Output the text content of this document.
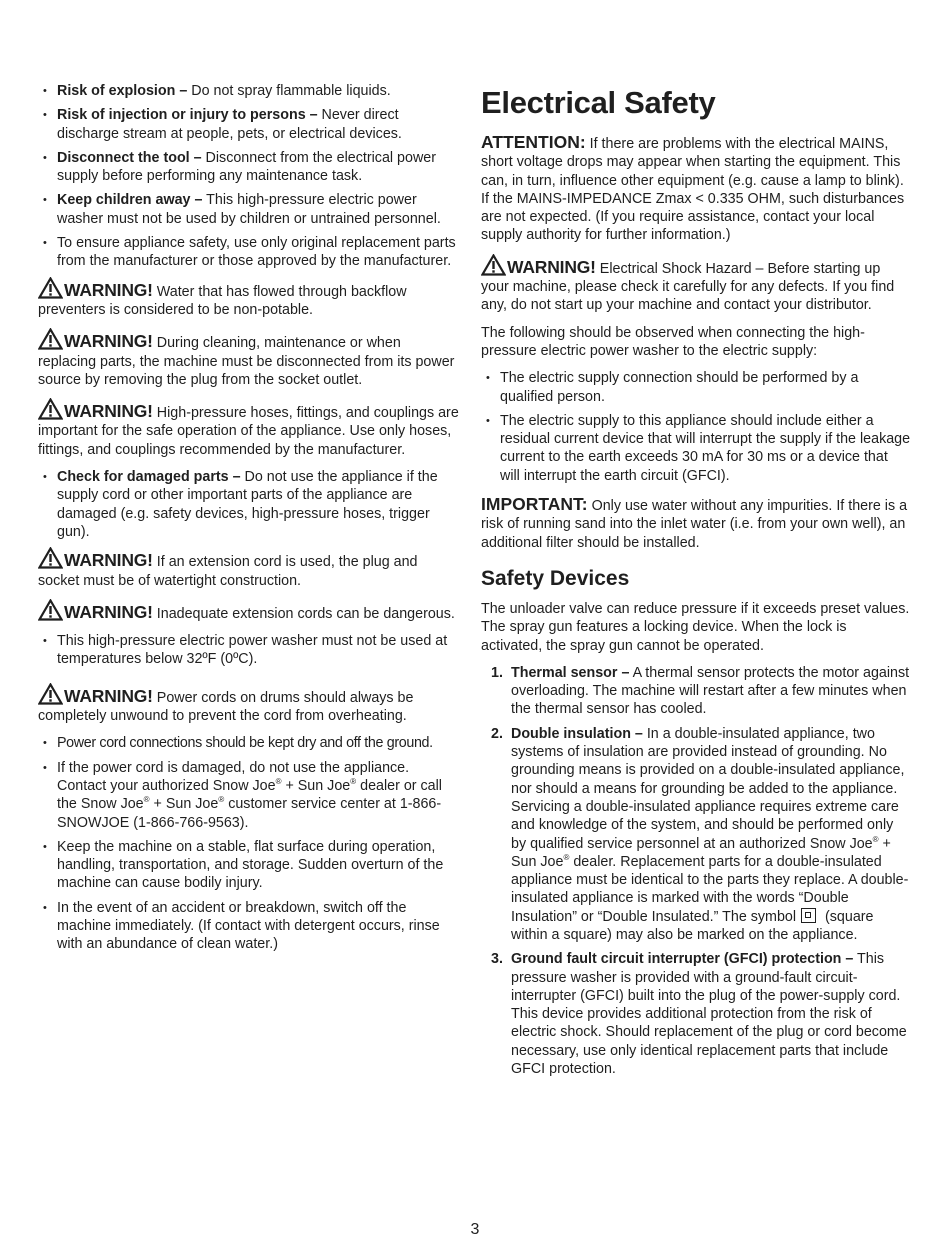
• Risk of explosion – Do not spray flammable liquids.
• Risk of injection or injury to persons – Never direct discharge stream at people, pets, or electrical devices.
• Disconnect the tool – Disconnect from the electrical power supply before performing any maintenance task.
• Keep children away – This high-pressure electric power washer must not be used by children or untrained personnel.
• To ensure appliance safety, use only original replacement parts from the manufacturer or those approved by the manufacturer.

WARNING! Water that has flowed through backflow preventers is considered to be non-potable.

WARNING! During cleaning, maintenance or when replacing parts, the machine must be disconnected from its power source by removing the plug from the socket outlet.

WARNING! High-pressure hoses, fittings, and couplings are important for the safe operation of the appliance. Use only hoses, fittings, and couplings recommended by the manufacturer.

• Check for damaged parts – Do not use the appliance if the supply cord or other important parts of the appliance are damaged (e.g. safety devices, high-pressure hoses, trigger gun).

WARNING! If an extension cord is used, the plug and socket must be of watertight construction.

WARNING! Inadequate extension cords can be dangerous.

• This high-pressure electric power washer must not be used at temperatures below 32ºF (0ºC).

WARNING! Power cords on drums should always be completely unwound to prevent the cord from overheating.

• Power cord connections should be kept dry and off the ground.
• If the power cord is damaged, do not use the appliance. Contact your authorized Snow Joe® + Sun Joe® dealer or call the Snow Joe® + Sun Joe® customer service center at 1-866-SNOWJOE (1-866-766-9563).
• Keep the machine on a stable, flat surface during operation, handling, transportation, and storage. Sudden overturn of the machine can cause bodily injury.
• In the event of an accident or breakdown, switch off the machine immediately. (If contact with detergent occurs, rinse with an abundance of clean water.)
Electrical Safety

ATTENTION: If there are problems with the electrical MAINS, short voltage drops may appear when starting the equipment. This can, in turn, influence other equipment (e.g. cause a lamp to blink). If the MAINS-IMPEDANCE Zmax < 0.335 OHM, such disturbances are not expected. (If you require assistance, contact your local supply authority for further information.)

WARNING! Electrical Shock Hazard – Before starting up your machine, please check it carefully for any defects. If you find any, do not start up your machine and contact your distributor.

The following should be observed when connecting the high-pressure electric power washer to the electric supply:

• The electric supply connection should be performed by a qualified person.
• The electric supply to this appliance should include either a residual current device that will interrupt the supply if the leakage current to the earth exceeds 30 mA for 30 ms or a device that will interrupt the earth circuit (GFCI).

IMPORTANT: Only use water without any impurities. If there is a risk of running sand into the inlet water (i.e. from your own well), an additional filter should be installed.

Safety Devices

The unloader valve can reduce pressure if it exceeds preset values. The spray gun features a locking device. When the lock is activated, the spray gun cannot be operated.

1. Thermal sensor – A thermal sensor protects the motor against overloading. The machine will restart after a few minutes when the thermal sensor has cooled.
2. Double insulation – In a double-insulated appliance, two systems of insulation are provided instead of grounding. No grounding means is provided on a double-insulated appliance, nor should a means for grounding be added to the appliance. Servicing a double-insulated appliance requires extreme care and knowledge of the system, and should be performed only by qualified service personnel at an authorized Snow Joe® + Sun Joe® dealer. Replacement parts for a double-insulated appliance must be identical to the parts they replace. A double-insulated appliance is marked with the words “Double Insulation” or “Double Insulated.” The symbol (square within a square) may also be marked on the appliance.
3. Ground fault circuit interrupter (GFCI) protection – This pressure washer is provided with a ground-fault circuit-interrupter (GFCI) built into the plug of the power-supply cord. This device provides additional protection from the risk of electric shock. Should replacement of the plug or cord become necessary, use only identical replacement parts that include GFCI protection.
3
